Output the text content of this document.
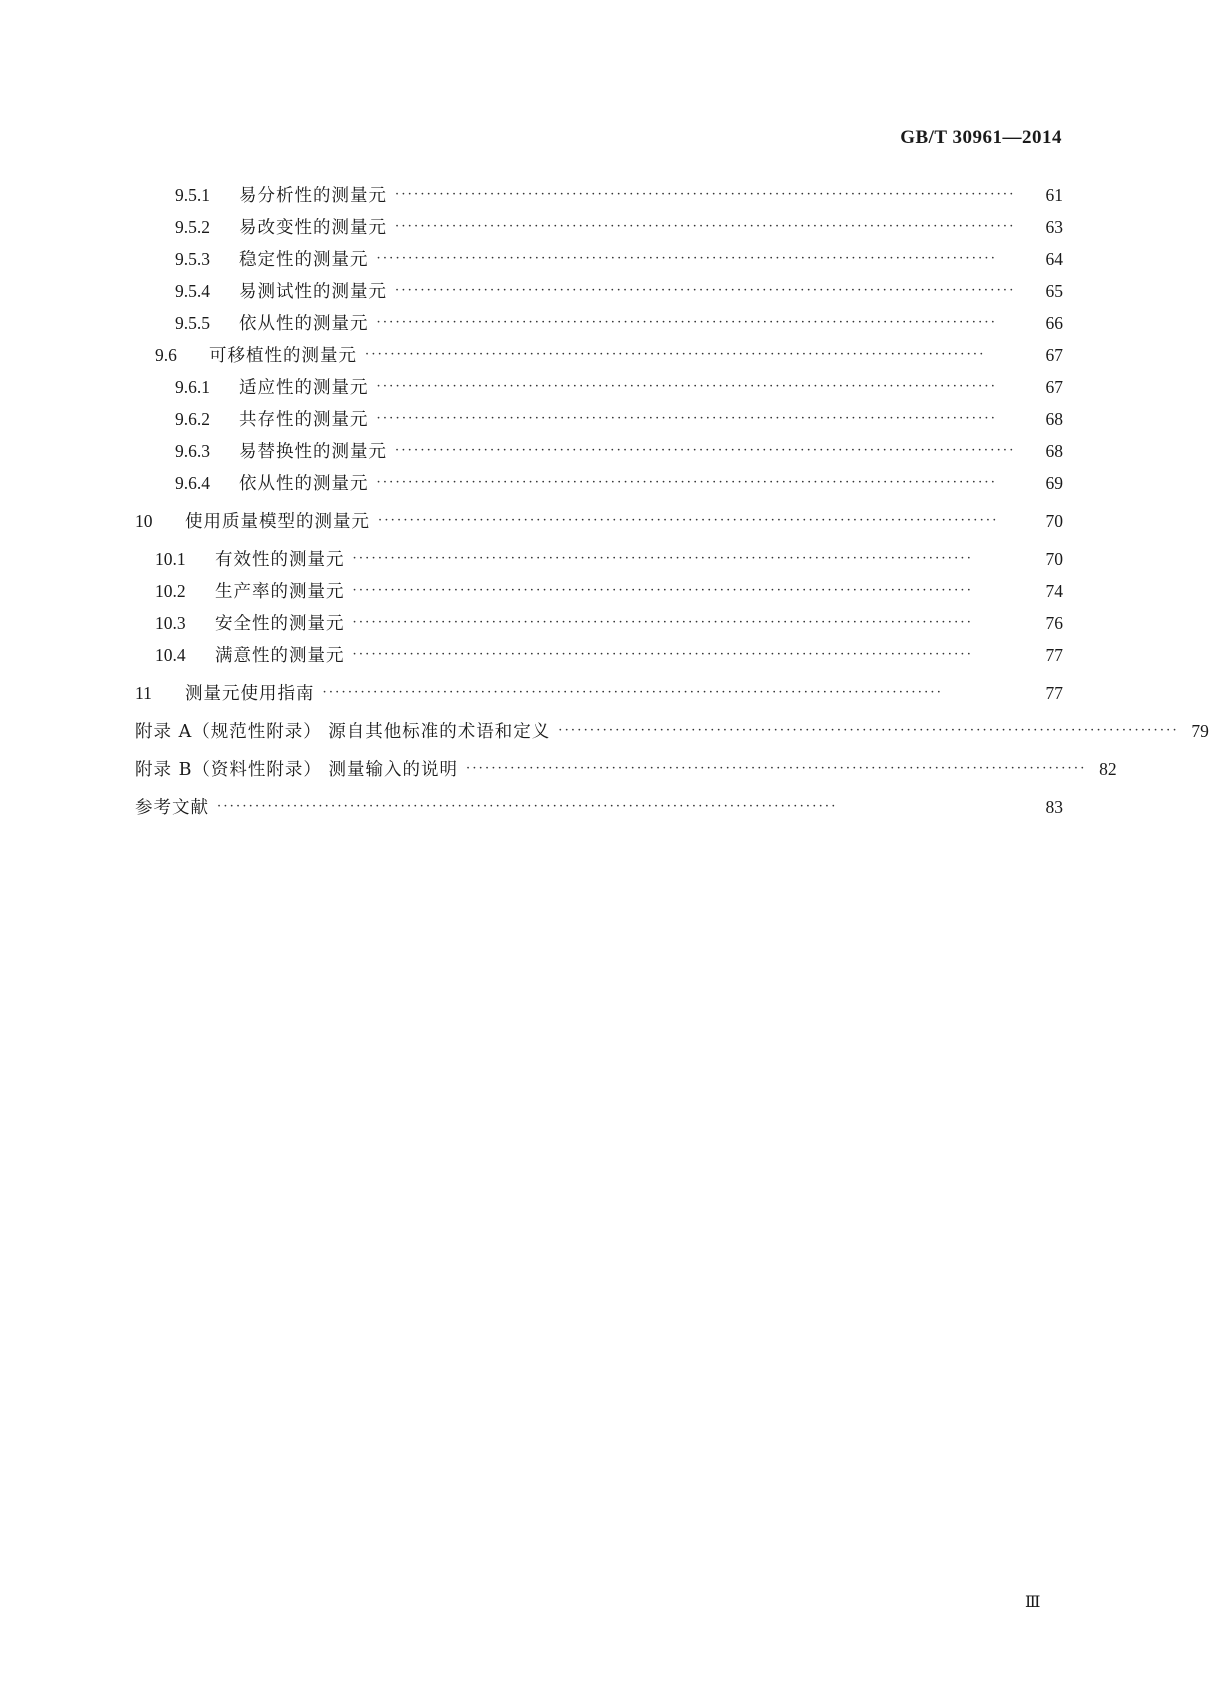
GB/T 30961—2014
9.5.1	易分析性的测量元 ··································································································	61
9.5.2	易改变性的测量元 ··································································································	63
9.5.3	稳定性的测量元 ··································································································	64
9.5.4	易测试性的测量元 ··································································································	65
9.5.5	依从性的测量元 ··································································································	66
9.6	可移植性的测量元 ··································································································	67
9.6.1	适应性的测量元 ··································································································	67
9.6.2	共存性的测量元 ··································································································	68
9.6.3	易替换性的测量元 ··································································································	68
9.6.4	依从性的测量元 ··································································································	69
10	使用质量模型的测量元 ··································································································	70
10.1	有效性的测量元 ··································································································	70
10.2	生产率的测量元 ··································································································	74
10.3	安全性的测量元 ··································································································	76
10.4	满意性的测量元 ··································································································	77
11	测量元使用指南 ··································································································	77
附录 A（规范性附录） 源自其他标准的术语和定义 ·································································································· 79
附录 B（资料性附录） 测量输入的说明 ·································································································· 82
参考文献 ··································································································	83
Ⅲ
